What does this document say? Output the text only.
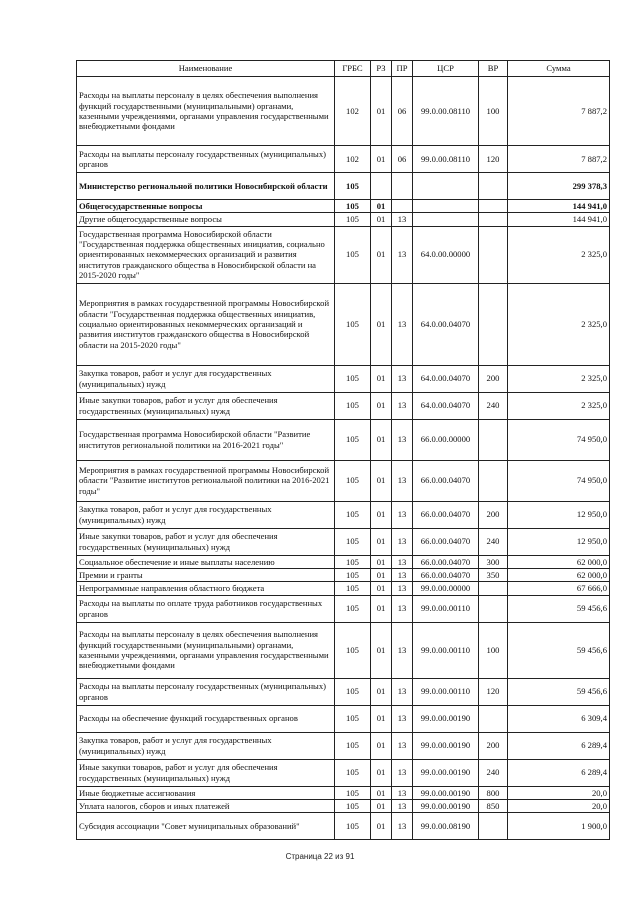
Наименование	ГРБС	РЗ	ПР	ЦСР	ВР	Сумма
Расходы на выплаты персоналу в целях обеспечения выполнения функций государственными (муниципальными) органами, казенными учреждениями, органами управления государственными внебюджетными фондами	102	01	06	99.0.00.08110	100	7 887,2
Расходы на выплаты персоналу государственных (муниципальных) органов	102	01	06	99.0.00.08110	120	7 887,2
Министерство региональной политики Новосибирской области	105					299 378,3
Общегосударственные вопросы	105	01				144 941,0
Другие общегосударственные вопросы	105	01	13			144 941,0
Государственная программа Новосибирской области "Государственная поддержка общественных инициатив, социально ориентированных некоммерческих организаций и развития институтов гражданского общества в Новосибирской области на 2015-2020 годы"	105	01	13	64.0.00.00000		2 325,0
Мероприятия в рамках государственной программы Новосибирской области "Государственная поддержка общественных инициатив, социально ориентированных некоммерческих организаций и развития институтов гражданского общества в Новосибирской области на 2015-2020 годы"	105	01	13	64.0.00.04070		2 325,0
Закупка товаров, работ и услуг для государственных (муниципальных) нужд	105	01	13	64.0.00.04070	200	2 325,0
Иные закупки товаров, работ и услуг для обеспечения государственных (муниципальных) нужд	105	01	13	64.0.00.04070	240	2 325,0
Государственная программа Новосибирской области "Развитие институтов региональной политики на 2016-2021 годы"	105	01	13	66.0.00.00000		74 950,0
Мероприятия в рамках государственной программы Новосибирской области "Развитие институтов региональной политики на 2016-2021 годы"	105	01	13	66.0.00.04070		74 950,0
Закупка товаров, работ и услуг для государственных (муниципальных) нужд	105	01	13	66.0.00.04070	200	12 950,0
Иные закупки товаров, работ и услуг для обеспечения государственных (муниципальных) нужд	105	01	13	66.0.00.04070	240	12 950,0
Социальное обеспечение и иные выплаты населению	105	01	13	66.0.00.04070	300	62 000,0
Премии и гранты	105	01	13	66.0.00.04070	350	62 000,0
Непрограммные направления областного бюджета	105	01	13	99.0.00.00000		67 666,0
Расходы на выплаты по оплате труда работников государственных органов	105	01	13	99.0.00.00110		59 456,6
Расходы на выплаты персоналу в целях обеспечения выполнения функций государственными (муниципальными) органами, казенными учреждениями, органами управления государственными внебюджетными фондами	105	01	13	99.0.00.00110	100	59 456,6
Расходы на выплаты персоналу государственных (муниципальных) органов	105	01	13	99.0.00.00110	120	59 456,6
Расходы на обеспечение функций государственных органов	105	01	13	99.0.00.00190		6 309,4
Закупка товаров, работ и услуг для государственных (муниципальных) нужд	105	01	13	99.0.00.00190	200	6 289,4
Иные закупки товаров, работ и услуг для обеспечения государственных (муниципальных) нужд	105	01	13	99.0.00.00190	240	6 289,4
Иные бюджетные ассигнования	105	01	13	99.0.00.00190	800	20,0
Уплата налогов, сборов и иных платежей	105	01	13	99.0.00.00190	850	20,0
Субсидия ассоциации "Совет муниципальных образований"	105	01	13	99.0.00.08190		1 900,0
Страница 22 из 91
